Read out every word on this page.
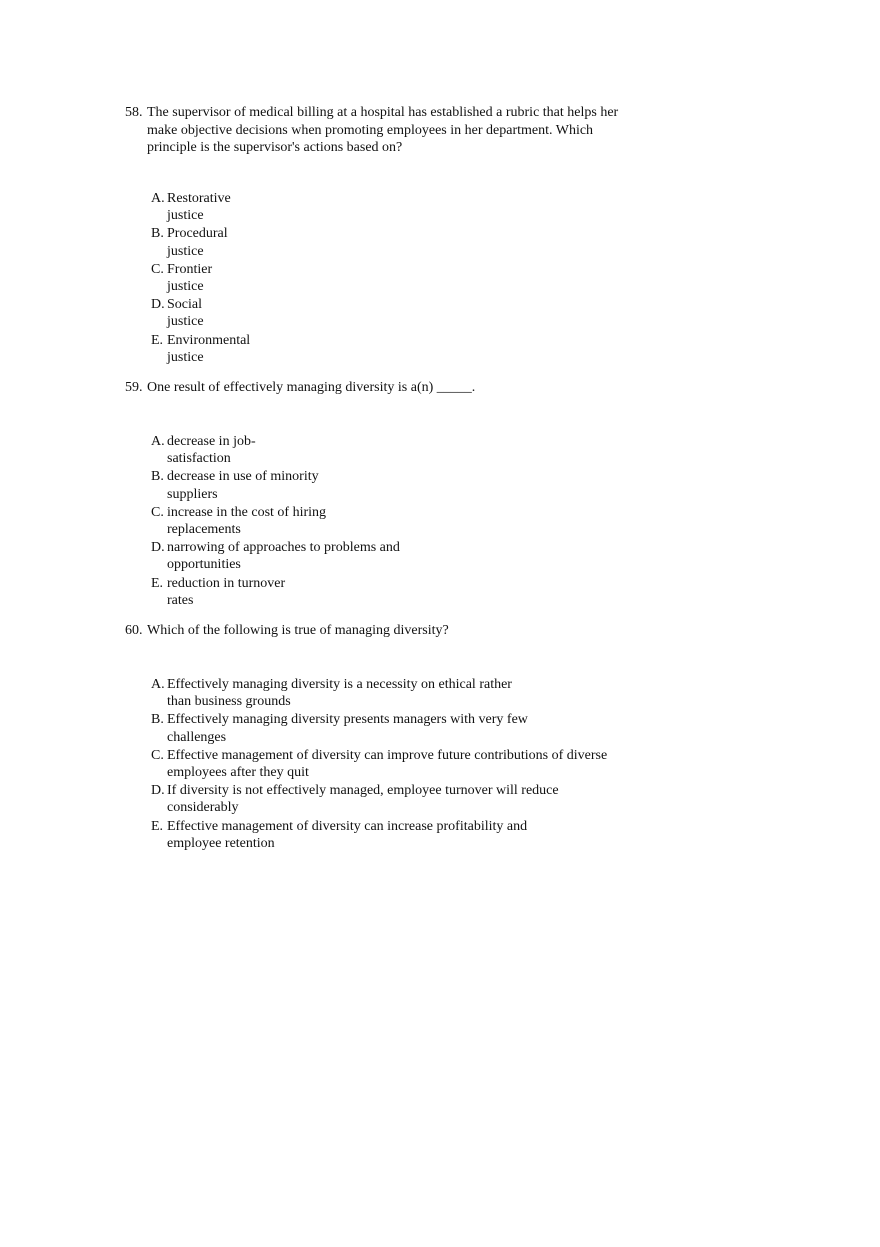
58. The supervisor of medical billing at a hospital has established a rubric that helps her
make objective decisions when promoting employees in her department. Which
principle is the supervisor's actions based on?
A. Restorative
justice
B. Procedural
justice
C. Frontier
justice
D. Social
justice
E. Environmental
justice
59. One result of effectively managing diversity is a(n) _____.
A. decrease in job-
satisfaction
B. decrease in use of minority
suppliers
C. increase in the cost of hiring
replacements
D. narrowing of approaches to problems and
opportunities
E. reduction in turnover
rates
60. Which of the following is true of managing diversity?
A. Effectively managing diversity is a necessity on ethical rather
than business grounds
B. Effectively managing diversity presents managers with very few
challenges
C. Effective management of diversity can improve future contributions of diverse
employees after they quit
D. If diversity is not effectively managed, employee turnover will reduce
considerably
E. Effective management of diversity can increase profitability and
employee retention
